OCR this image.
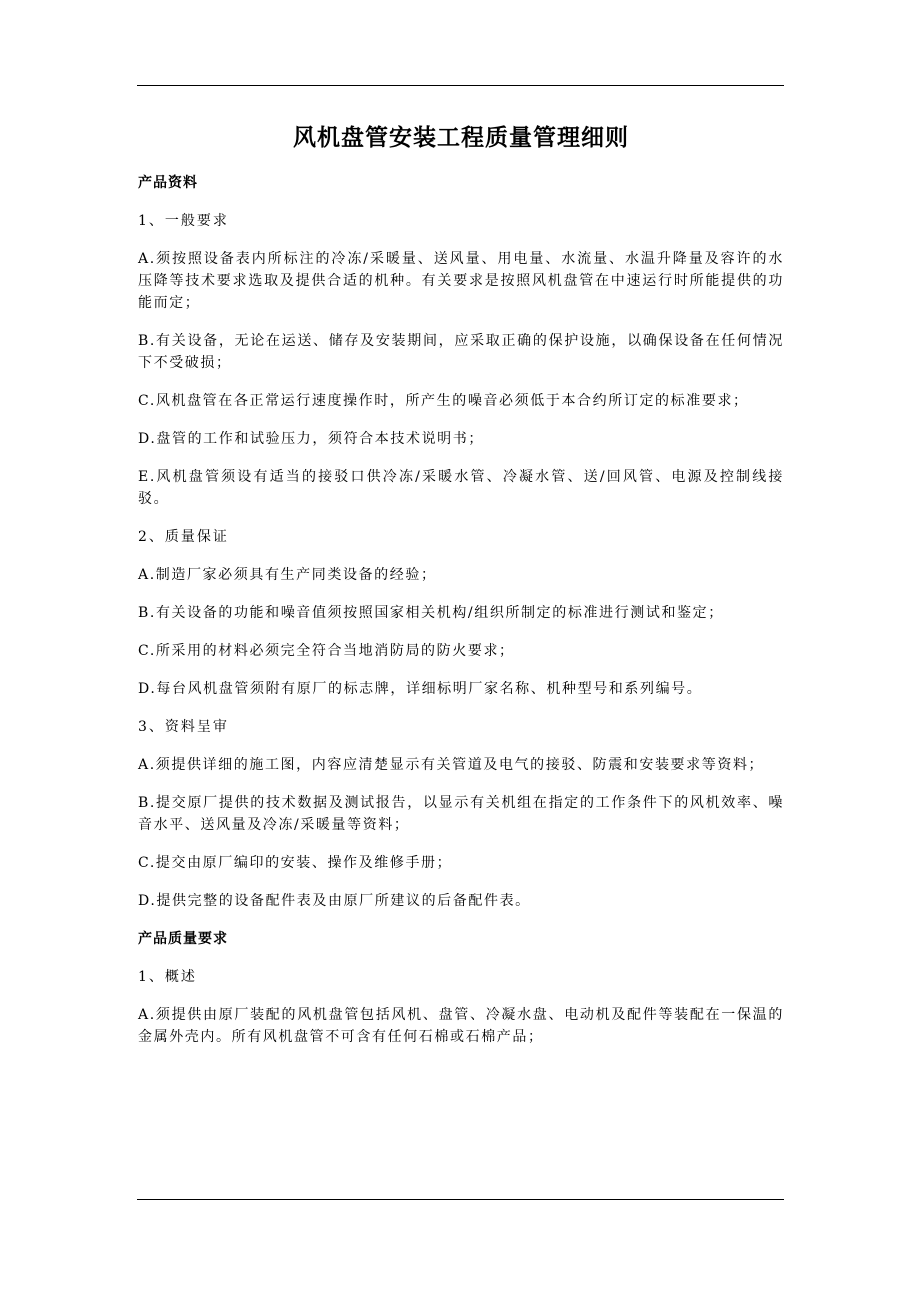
风机盘管安装工程质量管理细则
产品资料
1、一般要求

A.须按照设备表内所标注的冷冻/采暖量、送风量、用电量、水流量、水温升降量及容许的水压降等技术要求选取及提供合适的机种。有关要求是按照风机盘管在中速运行时所能提供的功能而定；

B.有关设备，无论在运送、储存及安装期间，应采取正确的保护设施，以确保设备在任何情况下不受破损；

C.风机盘管在各正常运行速度操作时，所产生的噪音必须低于本合约所订定的标准要求；

D.盘管的工作和试验压力，须符合本技术说明书；

E.风机盘管须设有适当的接驳口供冷冻/采暖水管、冷凝水管、送/回风管、电源及控制线接驳。

2、质量保证

A.制造厂家必须具有生产同类设备的经验；

B.有关设备的功能和噪音值须按照国家相关机构/组织所制定的标准进行测试和鉴定；

C.所采用的材料必须完全符合当地消防局的防火要求；

D.每台风机盘管须附有原厂的标志牌，详细标明厂家名称、机种型号和系列编号。

3、资料呈审

A.须提供详细的施工图，内容应清楚显示有关管道及电气的接驳、防震和安装要求等资料；

B.提交原厂提供的技术数据及测试报告，以显示有关机组在指定的工作条件下的风机效率、噪音水平、送风量及冷冻/采暖量等资料；

C.提交由原厂编印的安装、操作及维修手册；

D.提供完整的设备配件表及由原厂所建议的后备配件表。

产品质量要求
1、概述

A.须提供由原厂装配的风机盘管包括风机、盘管、冷凝水盘、电动机及配件等装配在一保温的金属外壳内。所有风机盘管不可含有任何石棉或石棉产品；
